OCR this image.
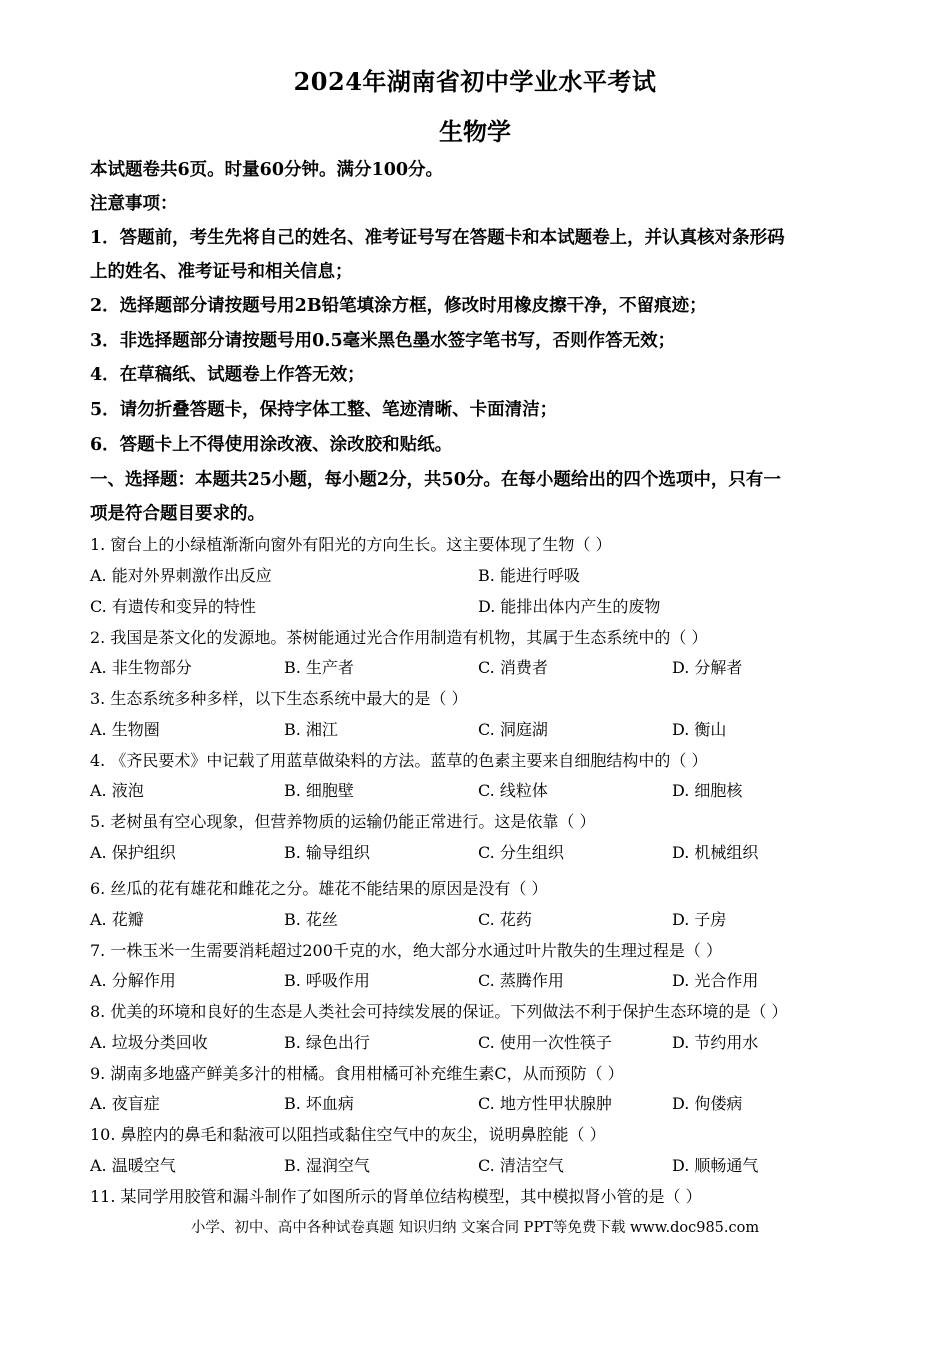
2024年湖南省初中学业水平考试
生物学
本试题卷共6页。时量60分钟。满分100分。
注意事项：
1．答题前，考生先将自己的姓名、准考证号写在答题卡和本试题卷上，并认真核对条形码
上的姓名、准考证号和相关信息；
2．选择题部分请按题号用2B铅笔填涂方框，修改时用橡皮擦干净，不留痕迹；
3．非选择题部分请按题号用0.5毫米黑色墨水签字笔书写，否则作答无效；
4．在草稿纸、试题卷上作答无效；
5．请勿折叠答题卡，保持字体工整、笔迹清晰、卡面清洁；
6．答题卡上不得使用涂改液、涂改胶和贴纸。
一、选择题：本题共25小题，每小题2分，共50分。在每小题给出的四个选项中，只有一
项是符合题目要求的。
1. 窗台上的小绿植渐渐向窗外有阳光的方向生长。这主要体现了生物（ ）
A. 能对外界刺激作出反应	B. 能进行呼吸
C. 有遗传和变异的特性	D. 能排出体内产生的废物
2. 我国是茶文化的发源地。茶树能通过光合作用制造有机物，其属于生态系统中的（ ）
A. 非生物部分	B. 生产者	C. 消费者	D. 分解者
3. 生态系统多种多样，以下生态系统中最大的是（ ）
A. 生物圈	B. 湘江	C. 洞庭湖	D. 衡山
4. 《齐民要术》中记载了用蓝草做染料的方法。蓝草的色素主要来自细胞结构中的（ ）
A. 液泡	B. 细胞壁	C. 线粒体	D. 细胞核
5. 老树虽有空心现象，但营养物质的运输仍能正常进行。这是依靠（ ）
A. 保护组织	B. 输导组织	C. 分生组织	D. 机械组织
6. 丝瓜的花有雄花和雌花之分。雄花不能结果的原因是没有（ ）
A. 花瓣	B. 花丝	C. 花药	D. 子房
7. 一株玉米一生需要消耗超过200千克的水，绝大部分水通过叶片散失的生理过程是（ ）
A. 分解作用	B. 呼吸作用	C. 蒸腾作用	D. 光合作用
8. 优美的环境和良好的生态是人类社会可持续发展的保证。下列做法不利于保护生态环境的是（ ）
A. 垃圾分类回收	B. 绿色出行	C. 使用一次性筷子	D. 节约用水
9. 湖南多地盛产鲜美多汁的柑橘。食用柑橘可补充维生素C，从而预防（ ）
A. 夜盲症	B. 坏血病	C. 地方性甲状腺肿	D. 佝偻病
10. 鼻腔内的鼻毛和黏液可以阻挡或黏住空气中的灰尘，说明鼻腔能（ ）
A. 温暖空气	B. 湿润空气	C. 清洁空气	D. 顺畅通气
11. 某同学用胶管和漏斗制作了如图所示的肾单位结构模型，其中模拟肾小管的是（ ）
小学、初中、高中各种试卷真题 知识归纳 文案合同 PPT等免费下载 www.doc985.com
